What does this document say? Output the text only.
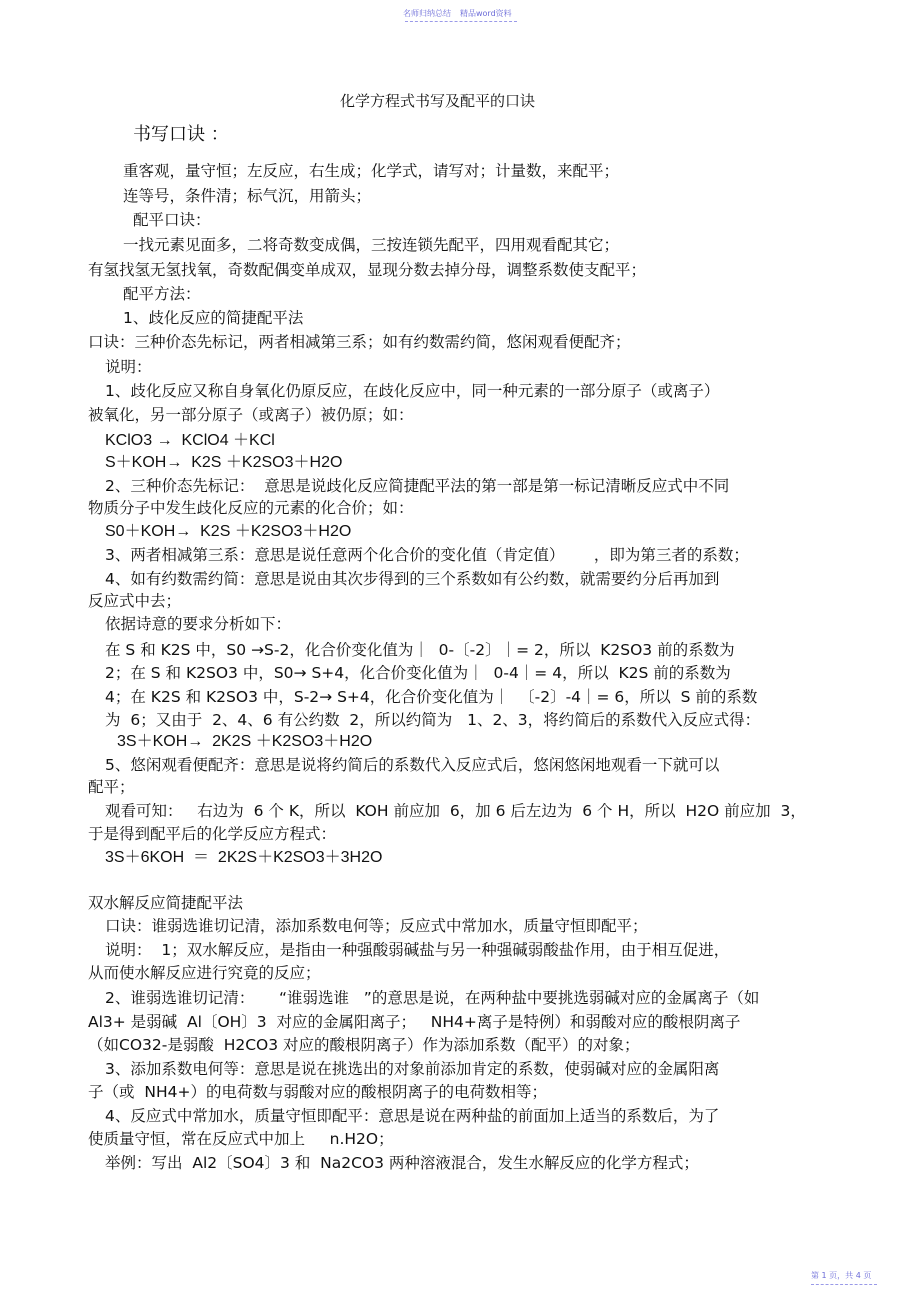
名师归纳总结 精品word资料
化学方程式书写及配平的口诀
书写口诀 ：
重客观，量守恒；左反应，右生成；化学式，请写对；计量数，来配平；
连等号，条件清；标气沉，用箭头；
配平口诀：
一找元素见面多，二将奇数变成偶，三按连锁先配平，四用观看配其它；
有氢找氢无氢找氧，奇数配偶变单成双，显现分数去掉分母，调整系数使支配平；
配平方法：
1、歧化反应的简捷配平法
口诀：三种价态先标记，两者相减第三系；如有约数需约简，悠闲观看便配齐；
说明：
1、歧化反应又称自身氧化仍原反应，在歧化反应中，同一种元素的一部分原子（或离子）
被氧化，另一部分原子（或离子）被仍原；如：
KClO3 →  KClO4 ＋KCl
S＋KOH→  K2S ＋K2SO3＋H2O
2、三种价态先标记：  意思是说歧化反应简捷配平法的第一部是第一标记清晰反应式中不同
物质分子中发生歧化反应的元素的化合价；如：
S0＋KOH→  K2S ＋K2SO3＋H2O
3、两者相减第三系：意思是说任意两个化合价的变化值（肯定值）      ，即为第三者的系数；
4、如有约数需约简：意思是说由其次步得到的三个系数如有公约数，就需要约分后再加到
反应式中去；
依据诗意的要求分析如下：
在 S 和 K2S 中，S0 →S-2，化合价变化值为｜  0-〔-2〕｜= 2，所以  K2SO3 前的系数为
2；在 S 和 K2SO3 中，S0→ S+4，化合价变化值为｜  0-4｜= 4，所以  K2S 前的系数为
4；在 K2S 和 K2SO3 中，S-2→ S+4，化合价变化值为｜  〔-2〕-4｜= 6，所以  S 前的系数
为  6；又由于  2、4、6 有公约数  2，所以约简为   1、2、3，将约简后的系数代入反应式得：
3S＋KOH→  2K2S ＋K2SO3＋H2O
5、悠闲观看便配齐：意思是说将约简后的系数代入反应式后，悠闲悠闲地观看一下就可以
配平；
观看可知：   右边为  6 个 K，所以  KOH 前应加  6，加 6 后左边为  6 个 H，所以  H2O 前应加  3，
于是得到配平后的化学反应方程式：
3S＋6KOH  ＝  2K2S＋K2SO3＋3H2O
双水解反应简捷配平法
口诀：谁弱选谁切记清，添加系数电何等；反应式中常加水，质量守恒即配平；
说明：  1；双水解反应，是指由一种强酸弱碱盐与另一种强碱弱酸盐作用，由于相互促进，
从而使水解反应进行究竟的反应；
2、谁弱选谁切记清：     “谁弱选谁   ”的意思是说，在两种盐中要挑选弱碱对应的金属离子（如
Al3+ 是弱碱  Al〔OH〕3  对应的金属阳离子；   NH4+离子是特例）和弱酸对应的酸根阴离子
（如CO32-是弱酸  H2CO3 对应的酸根阴离子）作为添加系数（配平）的对象；
3、添加系数电何等：意思是说在挑选出的对象前添加肯定的系数，使弱碱对应的金属阳离
子（或  NH4+）的电荷数与弱酸对应的酸根阴离子的电荷数相等；
4、反应式中常加水，质量守恒即配平：意思是说在两种盐的前面加上适当的系数后，为了
使质量守恒，常在反应式中加上     n.H2O；
举例：写出  Al2〔SO4〕3 和  Na2CO3 两种溶液混合，发生水解反应的化学方程式；
第 1 页，共 4 页
